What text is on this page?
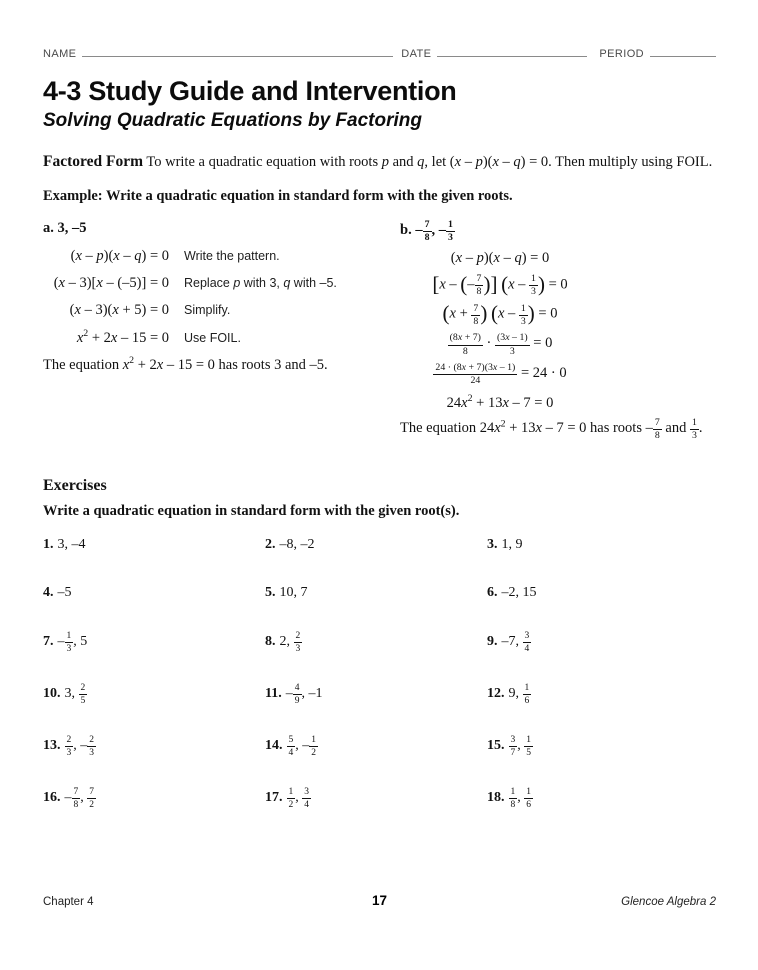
NAME	DATE	PERIOD
4-3 Study Guide and Intervention
Solving Quadratic Equations by Factoring
Factored Form To write a quadratic equation with roots p and q, let (x – p)(x – q) = 0. Then multiply using FOIL.
Example: Write a quadratic equation in standard form with the given roots.
a. 3, –5
(x – p)(x – q) = 0 Write the pattern.
(x – 3)[x – (–5)] = 0 Replace p with 3, q with –5.
(x – 3)(x + 5) = 0 Simplify.
$x^2 + 2x - 15 = 0$ Use FOIL.
The equation $x^2 + 2x - 15 = 0$ has roots 3 and –5.
b. – $\frac{7}{8}$ , – $\frac{1}{3}$
(x – p)(x – q) = 0
[x – (– $\frac{7}{8}$ )] ($x - \frac{1}{3}$ ) = 0
($x + \frac{7}{8}$ ) ($x - \frac{1}{3}$ ) = 0
$\frac{(8x + 7)}{8} \cdot \frac{(3x - 1)}{3} = 0$
$\frac{24 \cdot (8x + 7)(3x - 1)}{24} = 24 \cdot 0$
$24x^2 + 13x - 7 = 0$
The equation $24x^2 + 13x - 7 = 0$ has roots – $\frac{7}{8}$ and $\frac{1}{3}$ .
Exercises
Write a quadratic equation in standard form with the given root(s).
1. 3, –4	2. –8, –2	3. 1, 9
4. –5	5. 10, 7	6. –2, 15
7. – $\frac{1}{3}$ , 5	8. 2, $\frac{2}{3}$	9. –7, $\frac{3}{4}$
10. 3, $\frac{2}{5}$	11. – $\frac{4}{9}$ , –1	12. 9, $\frac{1}{6}$
13. $\frac{2}{3}$ , – $\frac{2}{3}$	14. $\frac{5}{4}$ , – $\frac{1}{2}$	15. $\frac{3}{7}$ , $\frac{1}{5}$
16. – $\frac{7}{8}$ , $\frac{7}{2}$	17. $\frac{1}{2}$ , $\frac{3}{4}$	18. $\frac{1}{8}$ , $\frac{1}{6}$
Chapter 4	17	Glencoe Algebra 2
